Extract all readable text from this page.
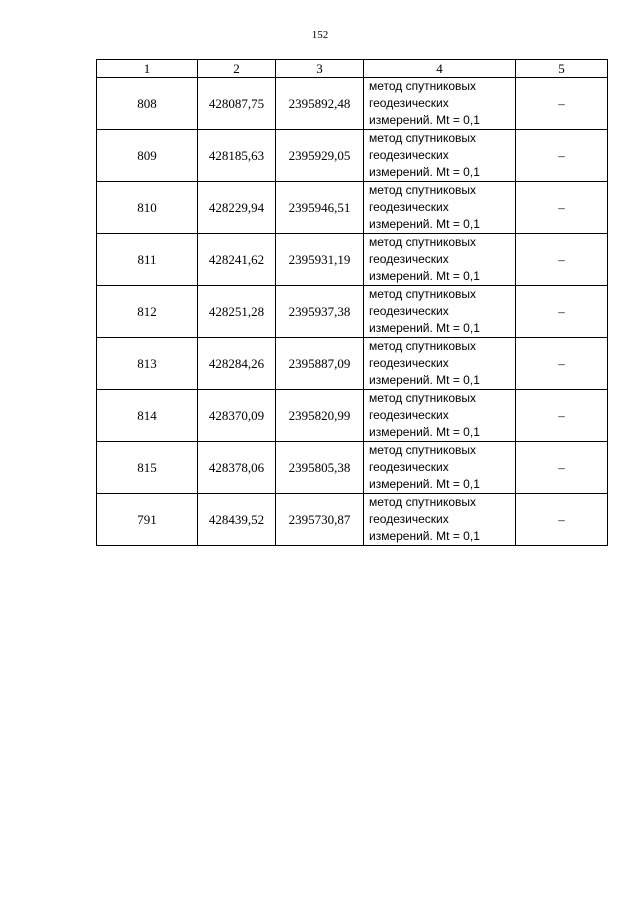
152
1	2	3	4	5
808	428087,75	2395892,48	метод спутниковых
геодезических
измерений. Mt = 0,1	–
809	428185,63	2395929,05	метод спутниковых
геодезических
измерений. Mt = 0,1	–
810	428229,94	2395946,51	метод спутниковых
геодезических
измерений. Mt = 0,1	–
811	428241,62	2395931,19	метод спутниковых
геодезических
измерений. Mt = 0,1	–
812	428251,28	2395937,38	метод спутниковых
геодезических
измерений. Mt = 0,1	–
813	428284,26	2395887,09	метод спутниковых
геодезических
измерений. Mt = 0,1	–
814	428370,09	2395820,99	метод спутниковых
геодезических
измерений. Mt = 0,1	–
815	428378,06	2395805,38	метод спутниковых
геодезических
измерений. Mt = 0,1	–
791	428439,52	2395730,87	метод спутниковых
геодезических
измерений. Mt = 0,1	–
